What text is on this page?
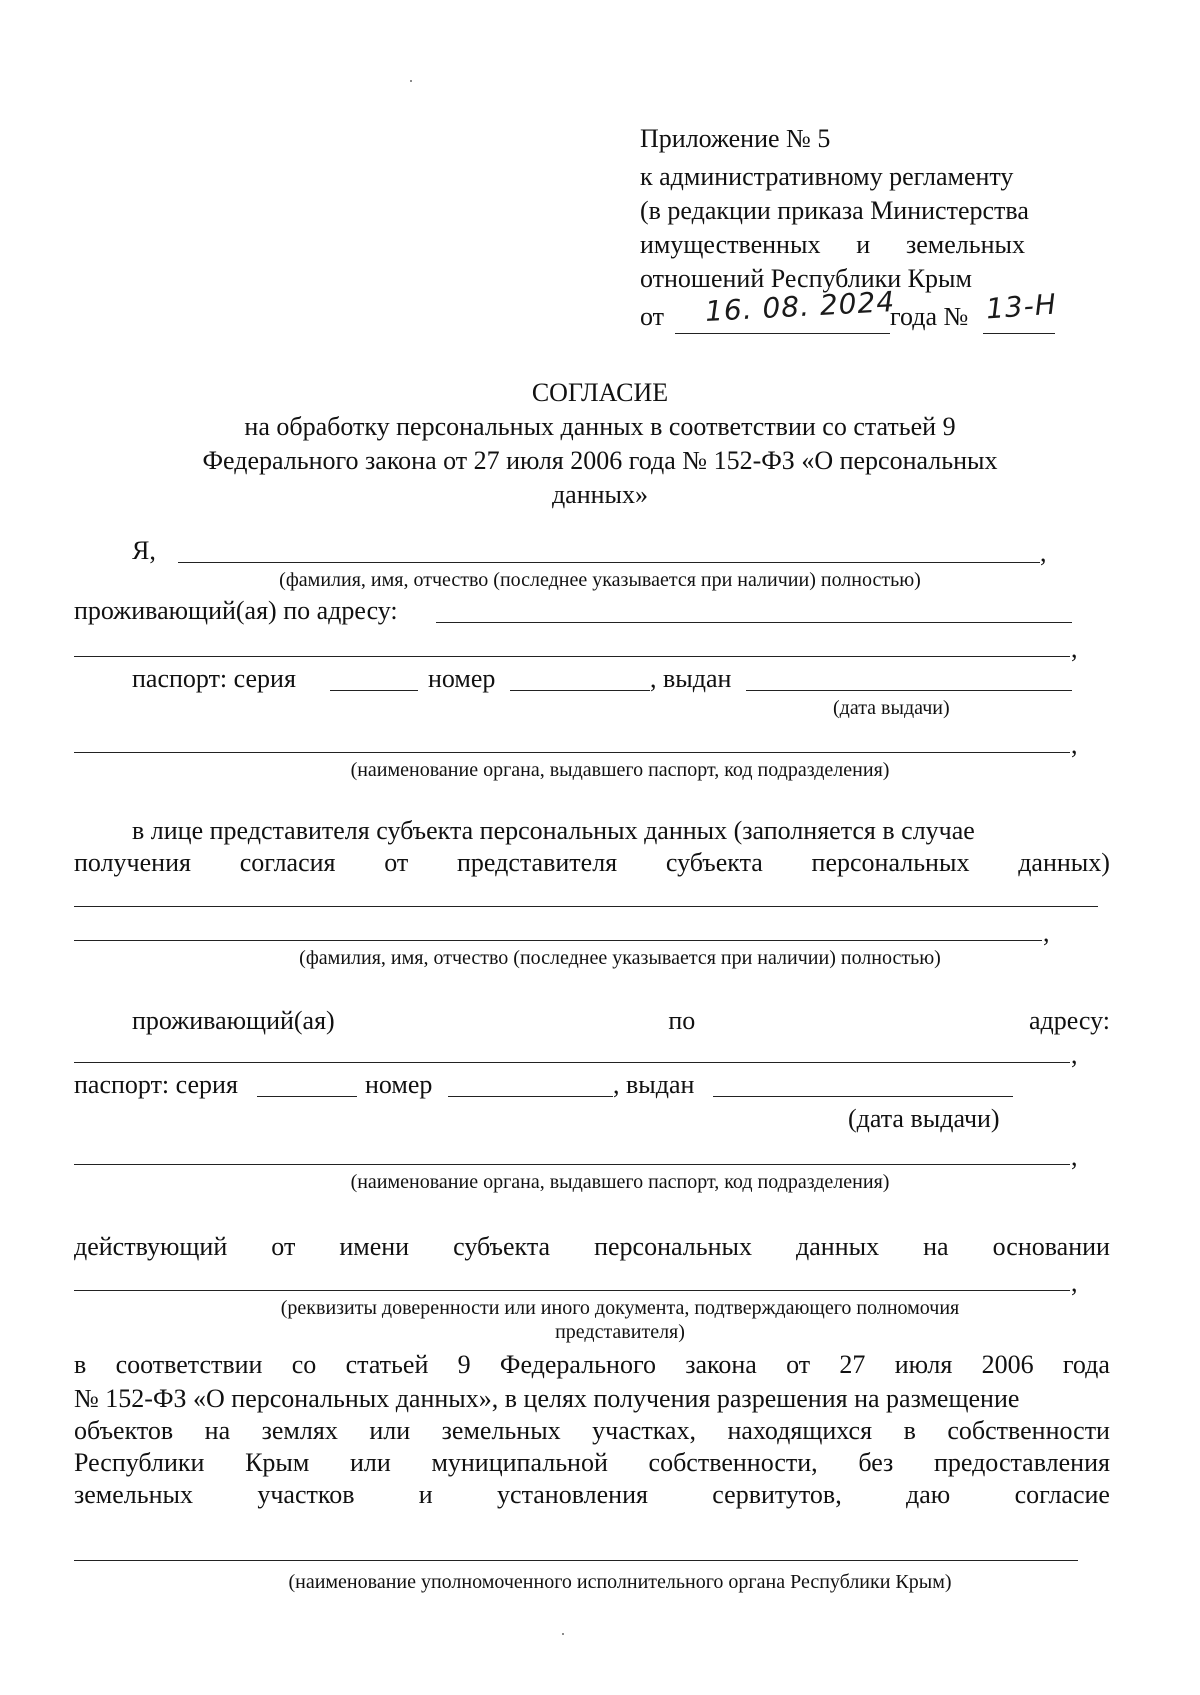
Приложение № 5
к административному регламенту
(в редакции приказа Министерства
имущественных и земельных
отношений Республики Крым
от 16. 08. 2024
года № 13-Н
СОГЛАСИЕ
на обработку персональных данных в соответствии со статьей 9
Федерального закона от 27 июля 2006 года № 152-ФЗ «О персональных
данных»
Я,	,
(фамилия, имя, отчество (последнее указывается при наличии) полностью)
проживающий(ая) по адресу:
,
паспорт: серия	номер	, выдан
(дата выдачи)
,
(наименование органа, выдавшего паспорт, код подразделения)
в лице представителя субъекта персональных данных (заполняется в случае
получения согласия от представителя субъекта персональных данных)
,
(фамилия, имя, отчество (последнее указывается при наличии) полностью)
проживающий(ая)	по	адресу:
,
паспорт: серия	номер	, выдан
(дата выдачи)
,
(наименование органа, выдавшего паспорт, код подразделения)
действующий от имени субъекта персональных данных на основании
,
(реквизиты доверенности или иного документа, подтверждающего полномочия
представителя)
в соответствии со статьей 9 Федерального закона от 27 июля 2006 года
№ 152-ФЗ «О персональных данных», в целях получения разрешения на размещение
объектов на землях или земельных участках, находящихся в собственности
Республики Крым или муниципальной собственности, без предоставления
земельных участков и установления сервитутов, даю согласие
(наименование уполномоченного исполнительного органа Республики Крым)
